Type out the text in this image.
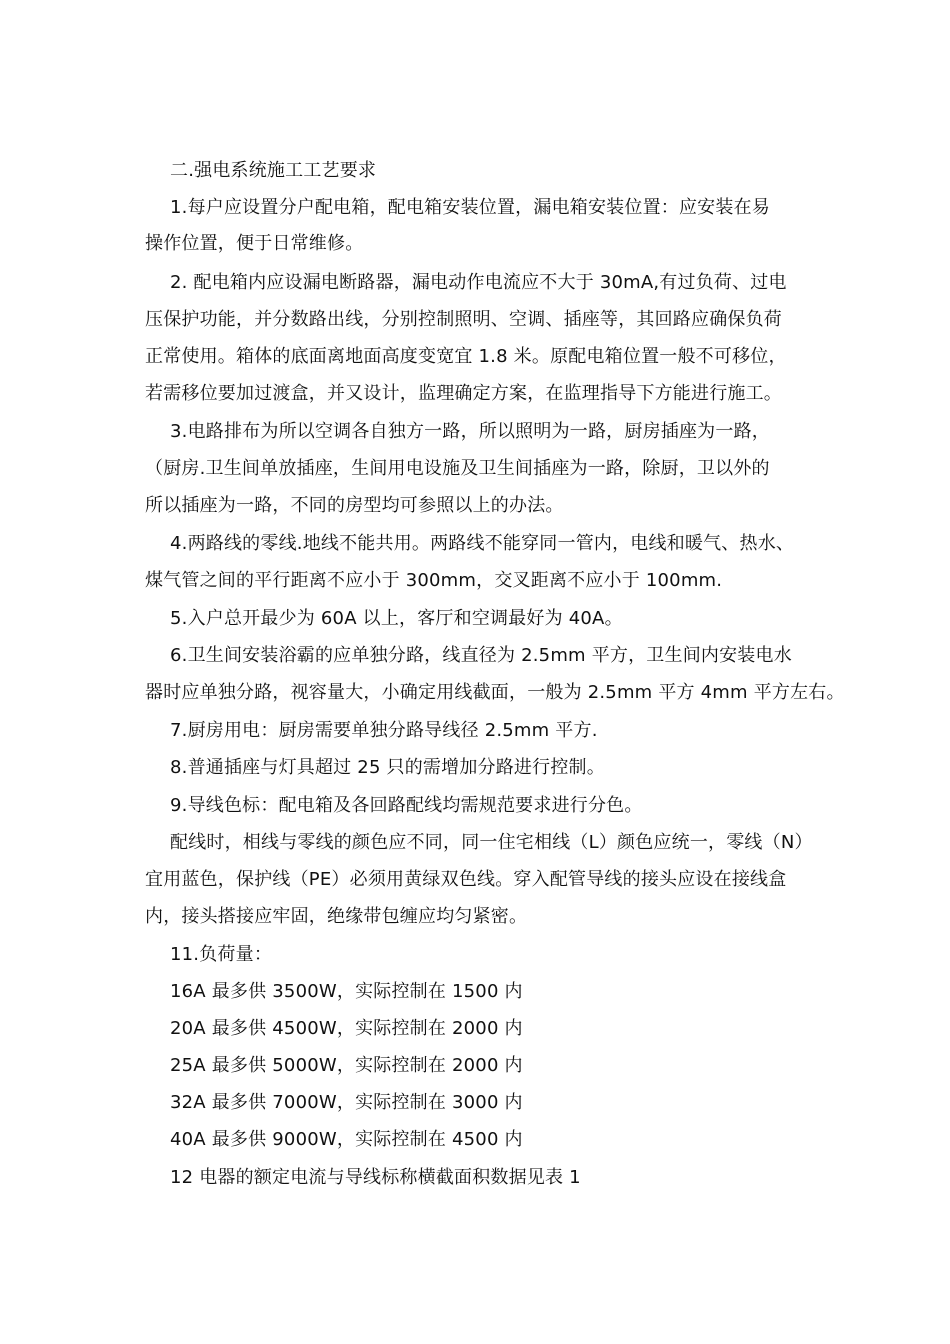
二.强电系统施工工艺要求
1.每户应设置分户配电箱，配电箱安装位置，漏电箱安装位置：应安装在易
操作位置，便于日常维修。
2. 配电箱内应设漏电断路器，漏电动作电流应不大于 30mA,有过负荷、过电
压保护功能，并分数路出线，分别控制照明、空调、插座等，其回路应确保负荷
正常使用。箱体的底面离地面高度变宽宜 1.8 米。原配电箱位置一般不可移位，
若需移位要加过渡盒，并又设计，监理确定方案，在监理指导下方能进行施工。
3.电路排布为所以空调各自独方一路，所以照明为一路，厨房插座为一路，
（厨房.卫生间单放插座，生间用电设施及卫生间插座为一路，除厨，卫以外的
所以插座为一路，不同的房型均可参照以上的办法。
4.两路线的零线.地线不能共用。两路线不能穿同一管内，电线和暖气、热水、
煤气管之间的平行距离不应小于 300mm，交叉距离不应小于 100mm.
5.入户总开最少为 60A 以上，客厅和空调最好为 40A。
6.卫生间安装浴霸的应单独分路，线直径为 2.5mm 平方，卫生间内安装电水
器时应单独分路，视容量大，小确定用线截面，一般为 2.5mm 平方 4mm 平方左右。
7.厨房用电：厨房需要单独分路导线径 2.5mm 平方.
8.普通插座与灯具超过 25 只的需增加分路进行控制。
9.导线色标：配电箱及各回路配线均需规范要求进行分色。
配线时，相线与零线的颜色应不同，同一住宅相线（L）颜色应统一，零线（N）
宜用蓝色，保护线（PE）必须用黄绿双色线。穿入配管导线的接头应设在接线盒
内，接头搭接应牢固，绝缘带包缠应均匀紧密。
11.负荷量：
16A 最多供 3500W，实际控制在 1500 内
20A 最多供 4500W，实际控制在 2000 内
25A 最多供 5000W，实际控制在 2000 内
32A 最多供 7000W，实际控制在 3000 内
40A 最多供 9000W，实际控制在 4500 内
12 电器的额定电流与导线标称横截面积数据见表 1
